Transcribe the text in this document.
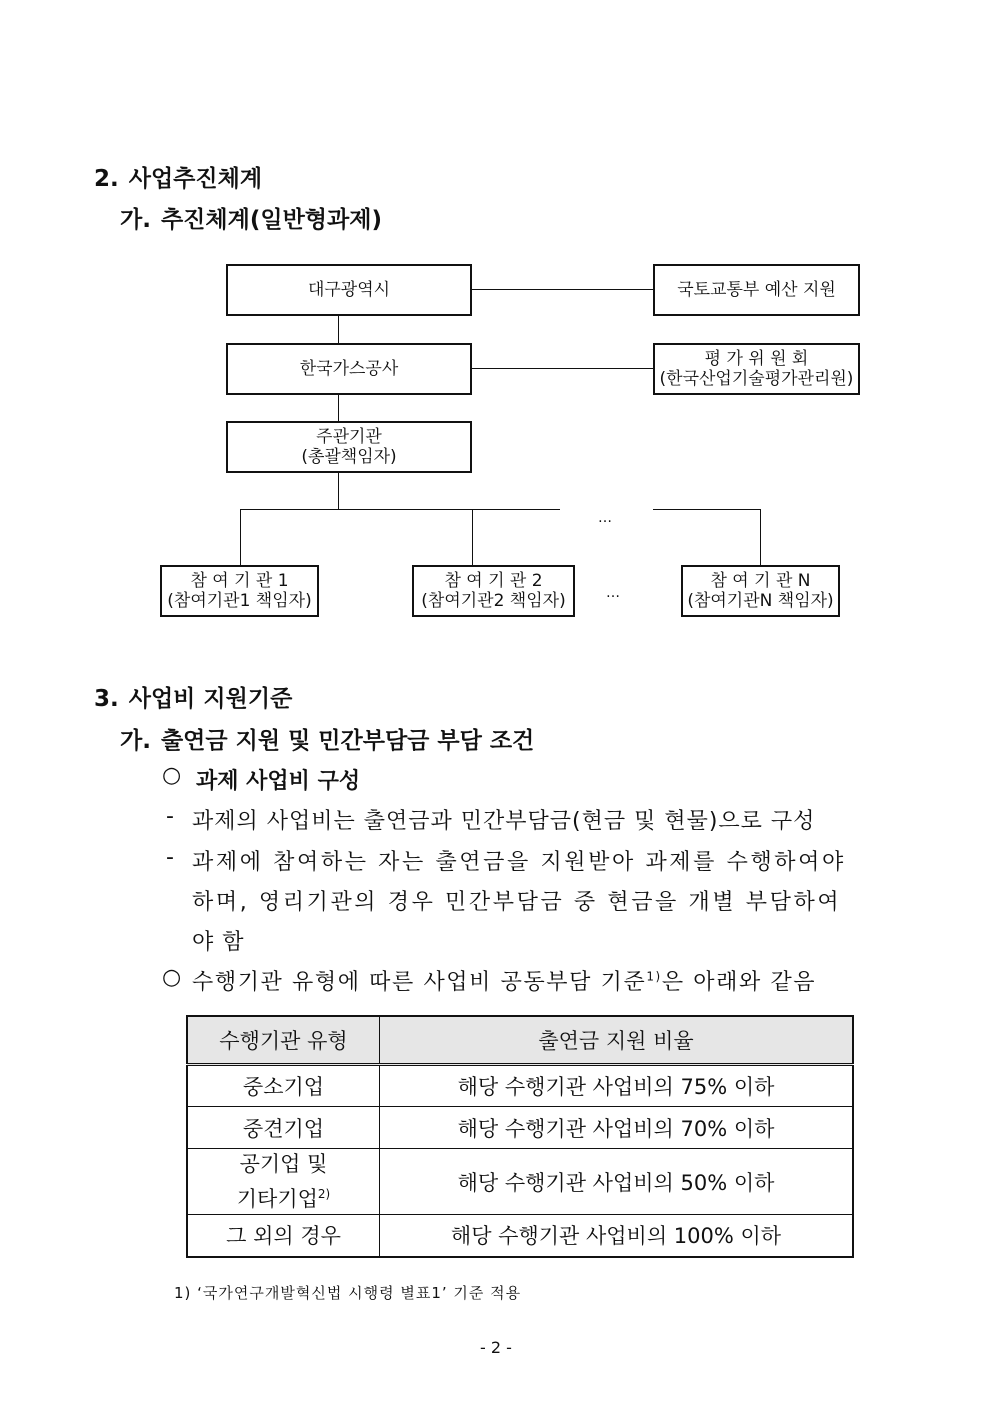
2. 사업추진체계
가. 추진체계(일반형과제)
대구광역시	국토교통부 예산 지원
한국가스공사	평 가 위 원 회
(한국산업기술평가관리원)
주관기관
(총괄책임자)
…
참 여 기 관 1
(참여기관1 책임자)
참 여 기 관 2
(참여기관2 책임자)	…
참 여 기 관 N
(참여기관N 책임자)
3. 사업비 지원기준
가. 출연금 지원 및 민간부담금 부담 조건
○ 과제 사업비 구성
- 과제의 사업비는 출연금과 민간부담금(현금 및 현물)으로 구성
- 과제에 참여하는 자는 출연금을 지원받아 과제를 수행하여야
하며, 영리기관의 경우 민간부담금 중 현금을 개별 부담하여
야 함
○ 수행기관 유형에 따른 사업비 공동부담 기준$^{1)}$은 아래와 같음
수행기관 유형	출연금 지원 비율
중소기업	해당 수행기관 사업비의 75% 이하
중견기업	해당 수행기관 사업비의 70% 이하
공기업 및
기타기업$^{2)}$	해당 수행기관 사업비의 50% 이하
그 외의 경우	해당 수행기관 사업비의 100% 이하
1) ‘국가연구개발혁신법 시행령 별표1’ 기준 적용
- 2 -
